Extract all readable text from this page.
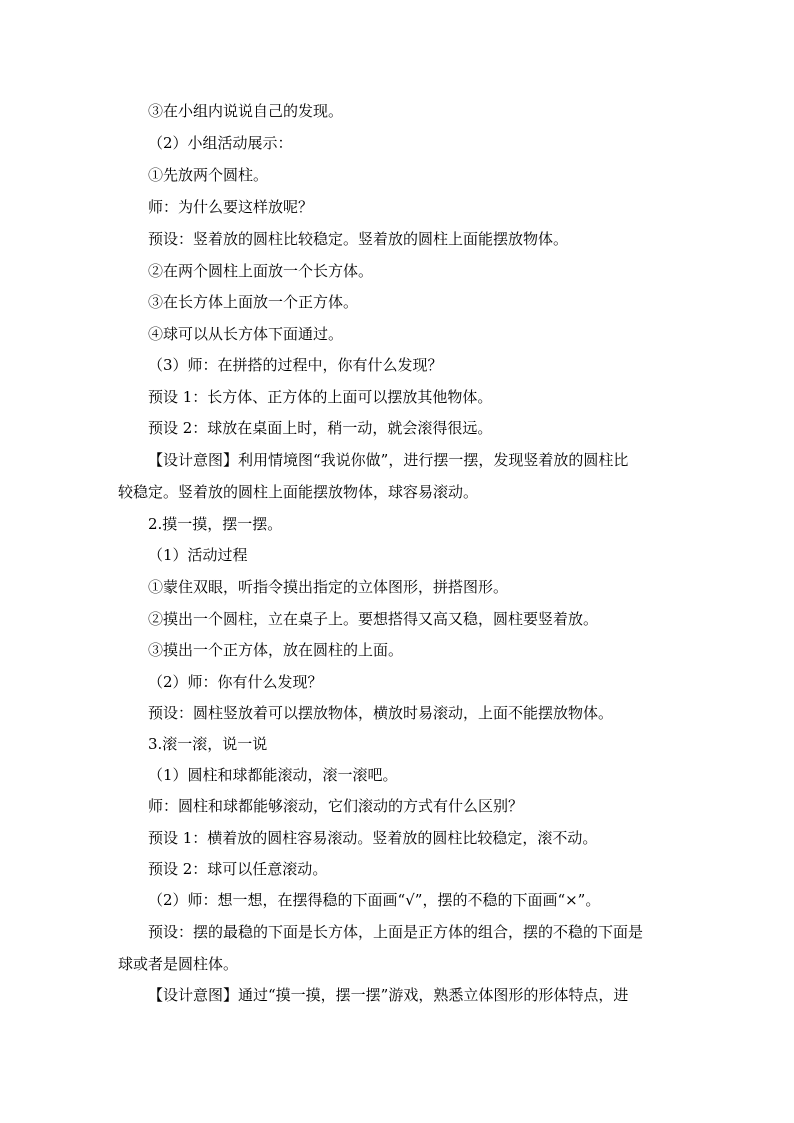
③在小组内说说自己的发现。
（2）小组活动展示：
①先放两个圆柱。
师：为什么要这样放呢？
预设：竖着放的圆柱比较稳定。竖着放的圆柱上面能摆放物体。
②在两个圆柱上面放一个长方体。
③在长方体上面放一个正方体。
④球可以从长方体下面通过。
（3）师：在拼搭的过程中，你有什么发现？
预设 1：长方体、正方体的上面可以摆放其他物体。
预设 2：球放在桌面上时，稍一动，就会滚得很远。
【设计意图】利用情境图“我说你做”，进行摆一摆，发现竖着放的圆柱比
较稳定。竖着放的圆柱上面能摆放物体，球容易滚动。
2.摸一摸，摆一摆。
（1）活动过程
①蒙住双眼，听指令摸出指定的立体图形，拼搭图形。
②摸出一个圆柱，立在桌子上。要想搭得又高又稳，圆柱要竖着放。
③摸出一个正方体，放在圆柱的上面。
（2）师：你有什么发现？
预设：圆柱竖放着可以摆放物体，横放时易滚动，上面不能摆放物体。
3.滚一滚，说一说
（1）圆柱和球都能滚动，滚一滚吧。
师：圆柱和球都能够滚动，它们滚动的方式有什么区别？
预设 1：横着放的圆柱容易滚动。竖着放的圆柱比较稳定，滚不动。
预设 2：球可以任意滚动。
（2）师：想一想，在摆得稳的下面画“√”，摆的不稳的下面画“×”。
预设：摆的最稳的下面是长方体，上面是正方体的组合，摆的不稳的下面是
球或者是圆柱体。
【设计意图】通过“摸一摸，摆一摆”游戏，熟悉立体图形的形体特点，进
